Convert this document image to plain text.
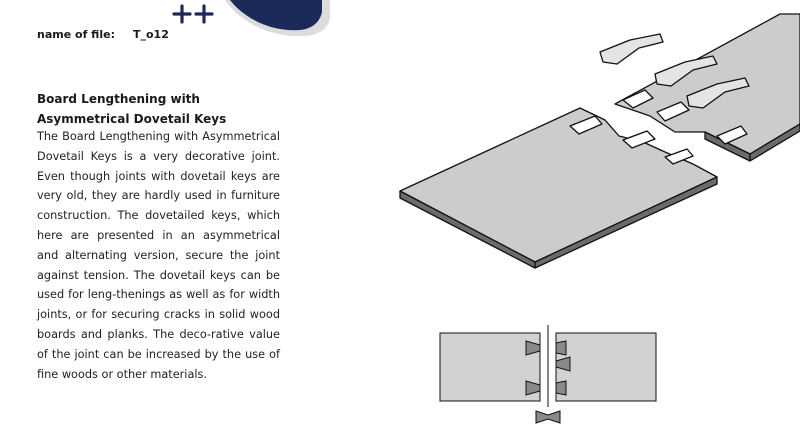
name of file: T_o12
Board Lengthening with
Asymmetrical Dovetail Keys
The Board Lengthening with Asymmetrical Dovetail Keys is a very decorative joint. Even though joints with dovetail keys are very old, they are hardly used in furniture construction. The dovetailed keys, which here are presented in an asymmetrical and alternating version, secure the joint against tension. The dovetail keys can be used for leng-thenings as well as for width joints, or for securing cracks in solid wood boards and planks. The deco-rative value of the joint can be increased by the use of fine woods or other materials.
